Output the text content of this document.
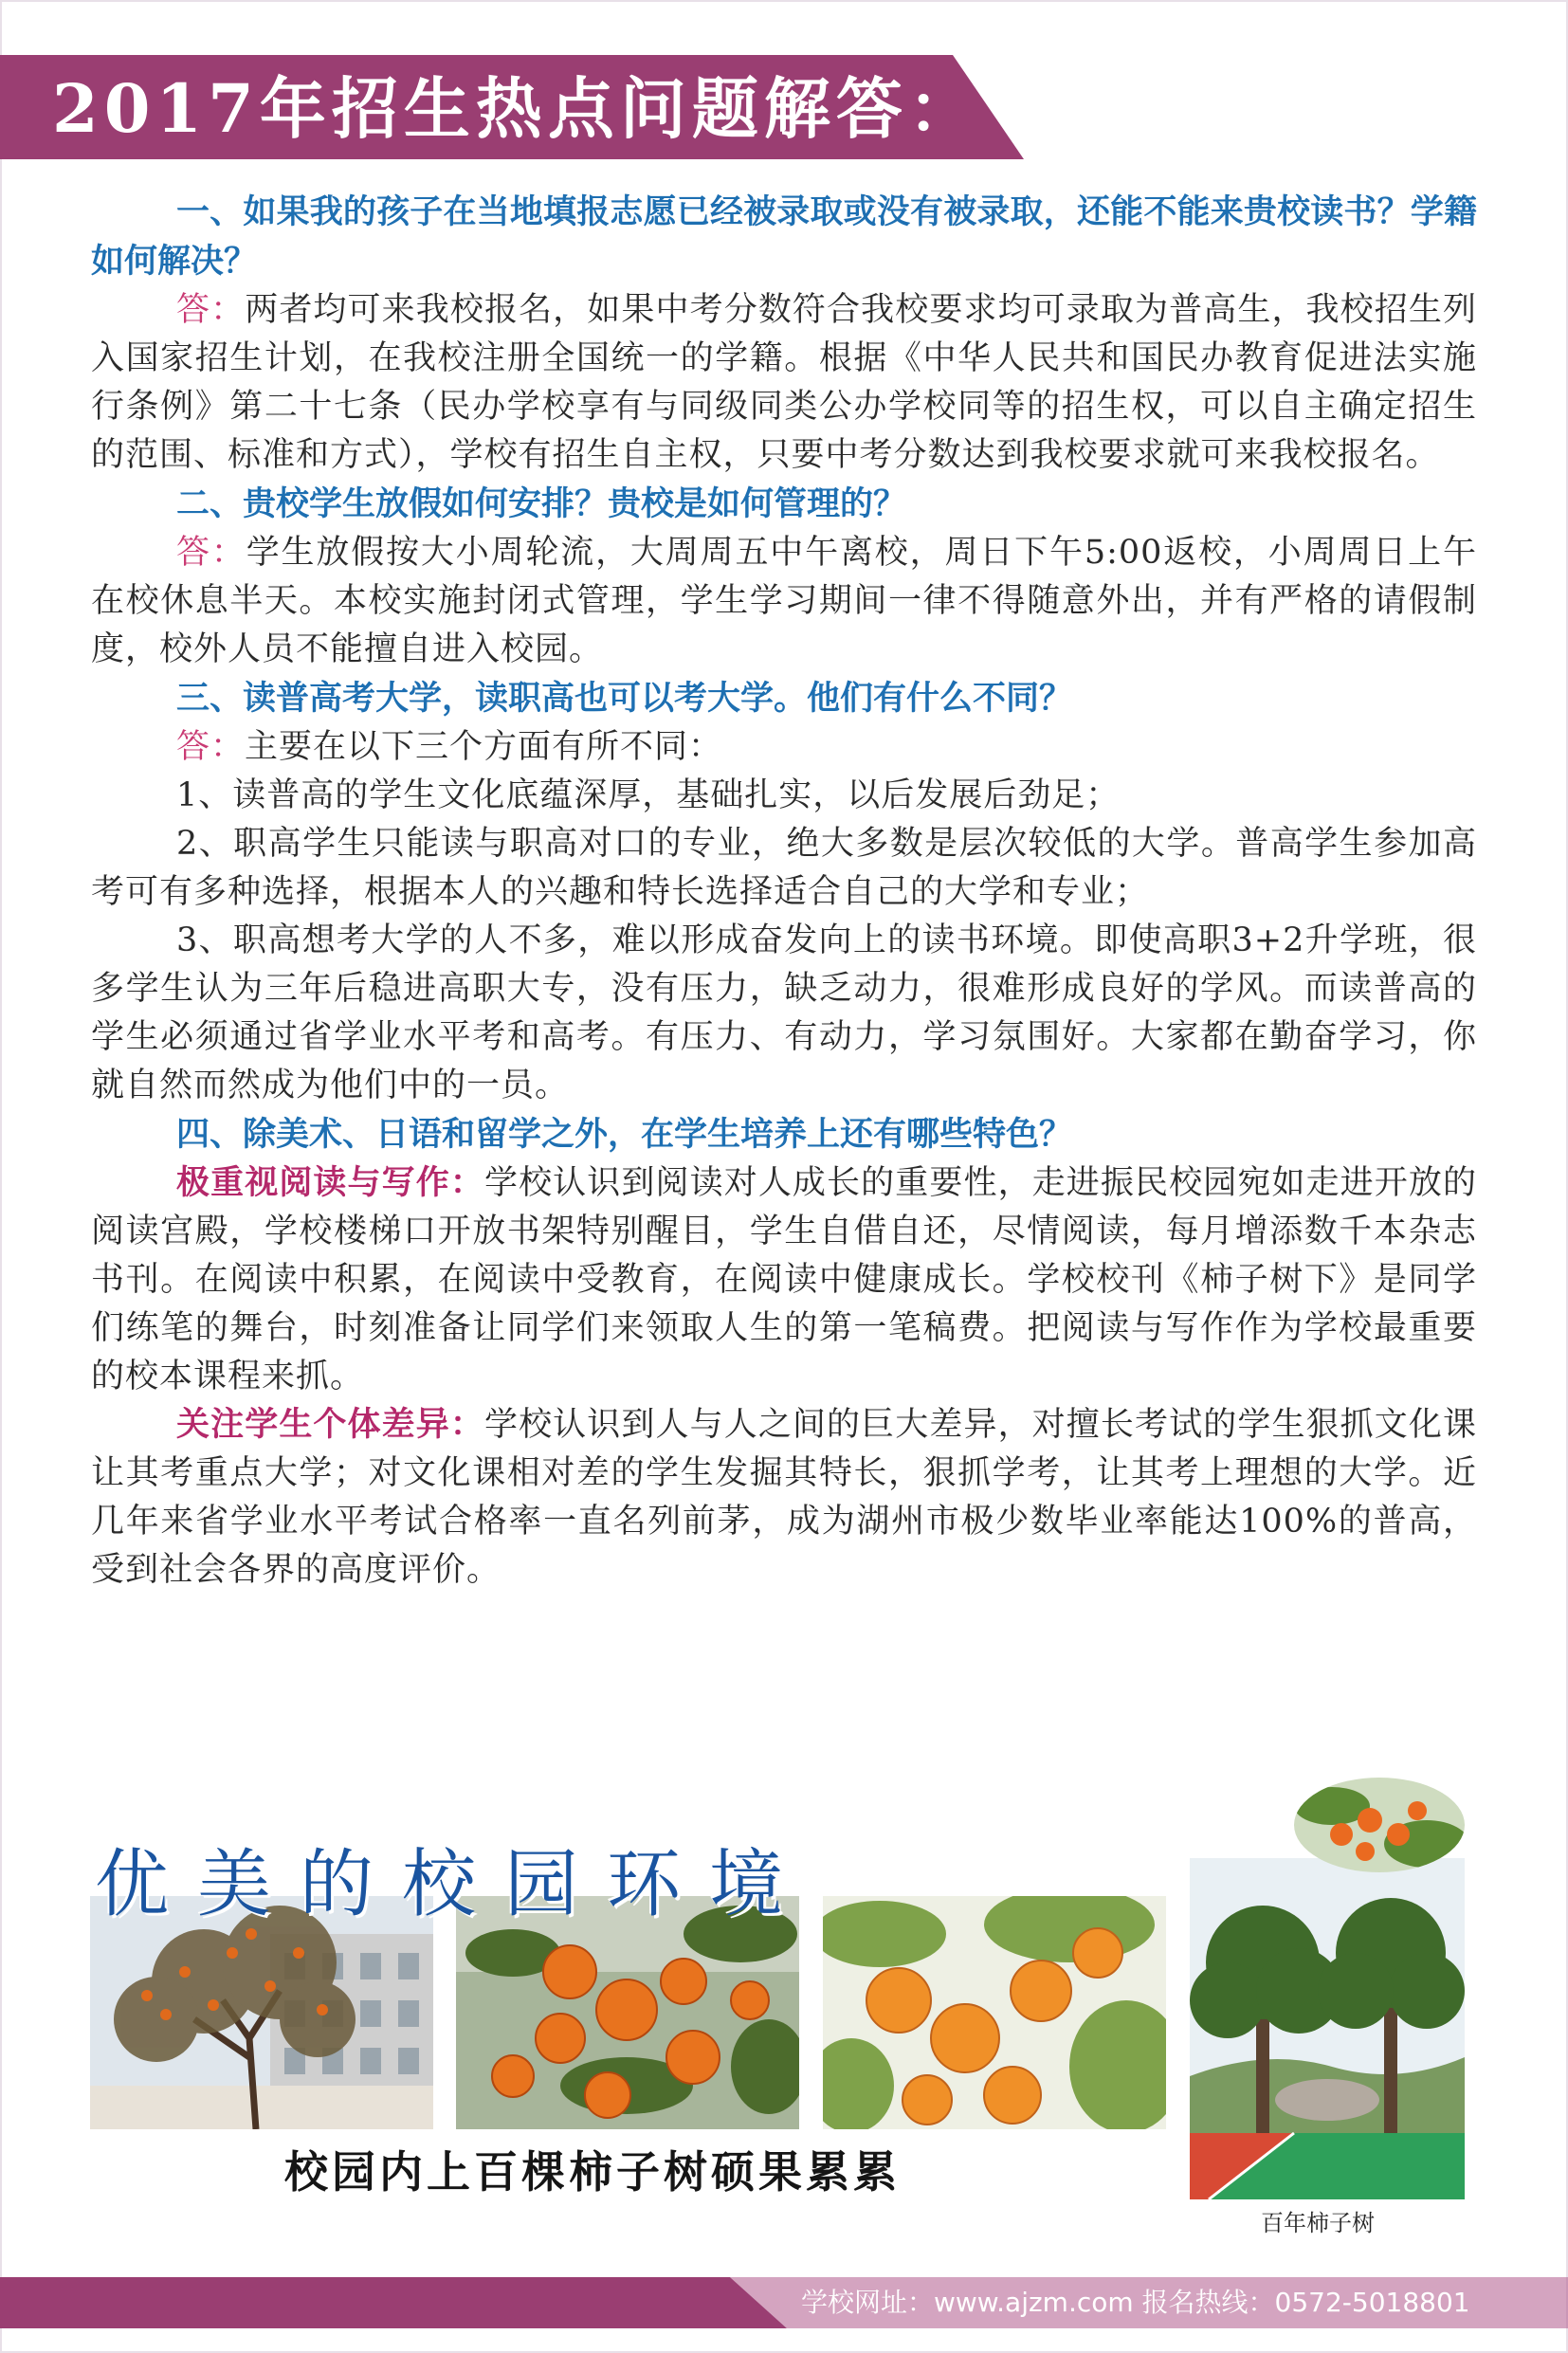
2017年招生热点问题解答：

一、如果我的孩子在当地填报志愿已经被录取或没有被录取，还能不能来贵校读书？学籍如何解决？

答：两者均可来我校报名，如果中考分数符合我校要求均可录取为普高生，我校招生列入国家招生计划，在我校注册全国统一的学籍。根据《中华人民共和国民办教育促进法实施行条例》第二十七条（民办学校享有与同级同类公办学校同等的招生权，可以自主确定招生的范围、标准和方式），学校有招生自主权，只要中考分数达到我校要求就可来我校报名。

二、贵校学生放假如何安排？贵校是如何管理的？

答：学生放假按大小周轮流，大周周五中午离校，周日下午5:00返校，小周周日上午在校休息半天。本校实施封闭式管理，学生学习期间一律不得随意外出，并有严格的请假制度，校外人员不能擅自进入校园。

三、读普高考大学，读职高也可以考大学。他们有什么不同？

答：主要在以下三个方面有所不同：

1、读普高的学生文化底蕴深厚，基础扎实，以后发展后劲足；

2、职高学生只能读与职高对口的专业，绝大多数是层次较低的大学。普高学生参加高考可有多种选择，根据本人的兴趣和特长选择适合自己的大学和专业；

3、职高想考大学的人不多，难以形成奋发向上的读书环境。即使高职3+2升学班，很多学生认为三年后稳进高职大专，没有压力，缺乏动力，很难形成良好的学风。而读普高的学生必须通过省学业水平考和高考。有压力、有动力，学习氛围好。大家都在勤奋学习，你就自然而然成为他们中的一员。

四、除美术、日语和留学之外，在学生培养上还有哪些特色？

极重视阅读与写作：学校认识到阅读对人成长的重要性，走进振民校园宛如走进开放的阅读宫殿，学校楼梯口开放书架特别醒目，学生自借自还，尽情阅读，每月增添数千本杂志书刊。在阅读中积累，在阅读中受教育，在阅读中健康成长。学校校刊《柿子树下》是同学们练笔的舞台，时刻准备让同学们来领取人生的第一笔稿费。把阅读与写作作为学校最重要的校本课程来抓。

关注学生个体差异：学校认识到人与人之间的巨大差异，对擅长考试的学生狠抓文化课让其考重点大学；对文化课相对差的学生发掘其特长，狠抓学考，让其考上理想的大学。近几年来省学业水平考试合格率一直名列前茅，成为湖州市极少数毕业率能达100%的普高，受到社会各界的高度评价。

优美的校园环境
校园内上百棵柿子树硕果累累
百年柿子树
学校网址：www.ajzm.com 报名热线：0572-5018801
